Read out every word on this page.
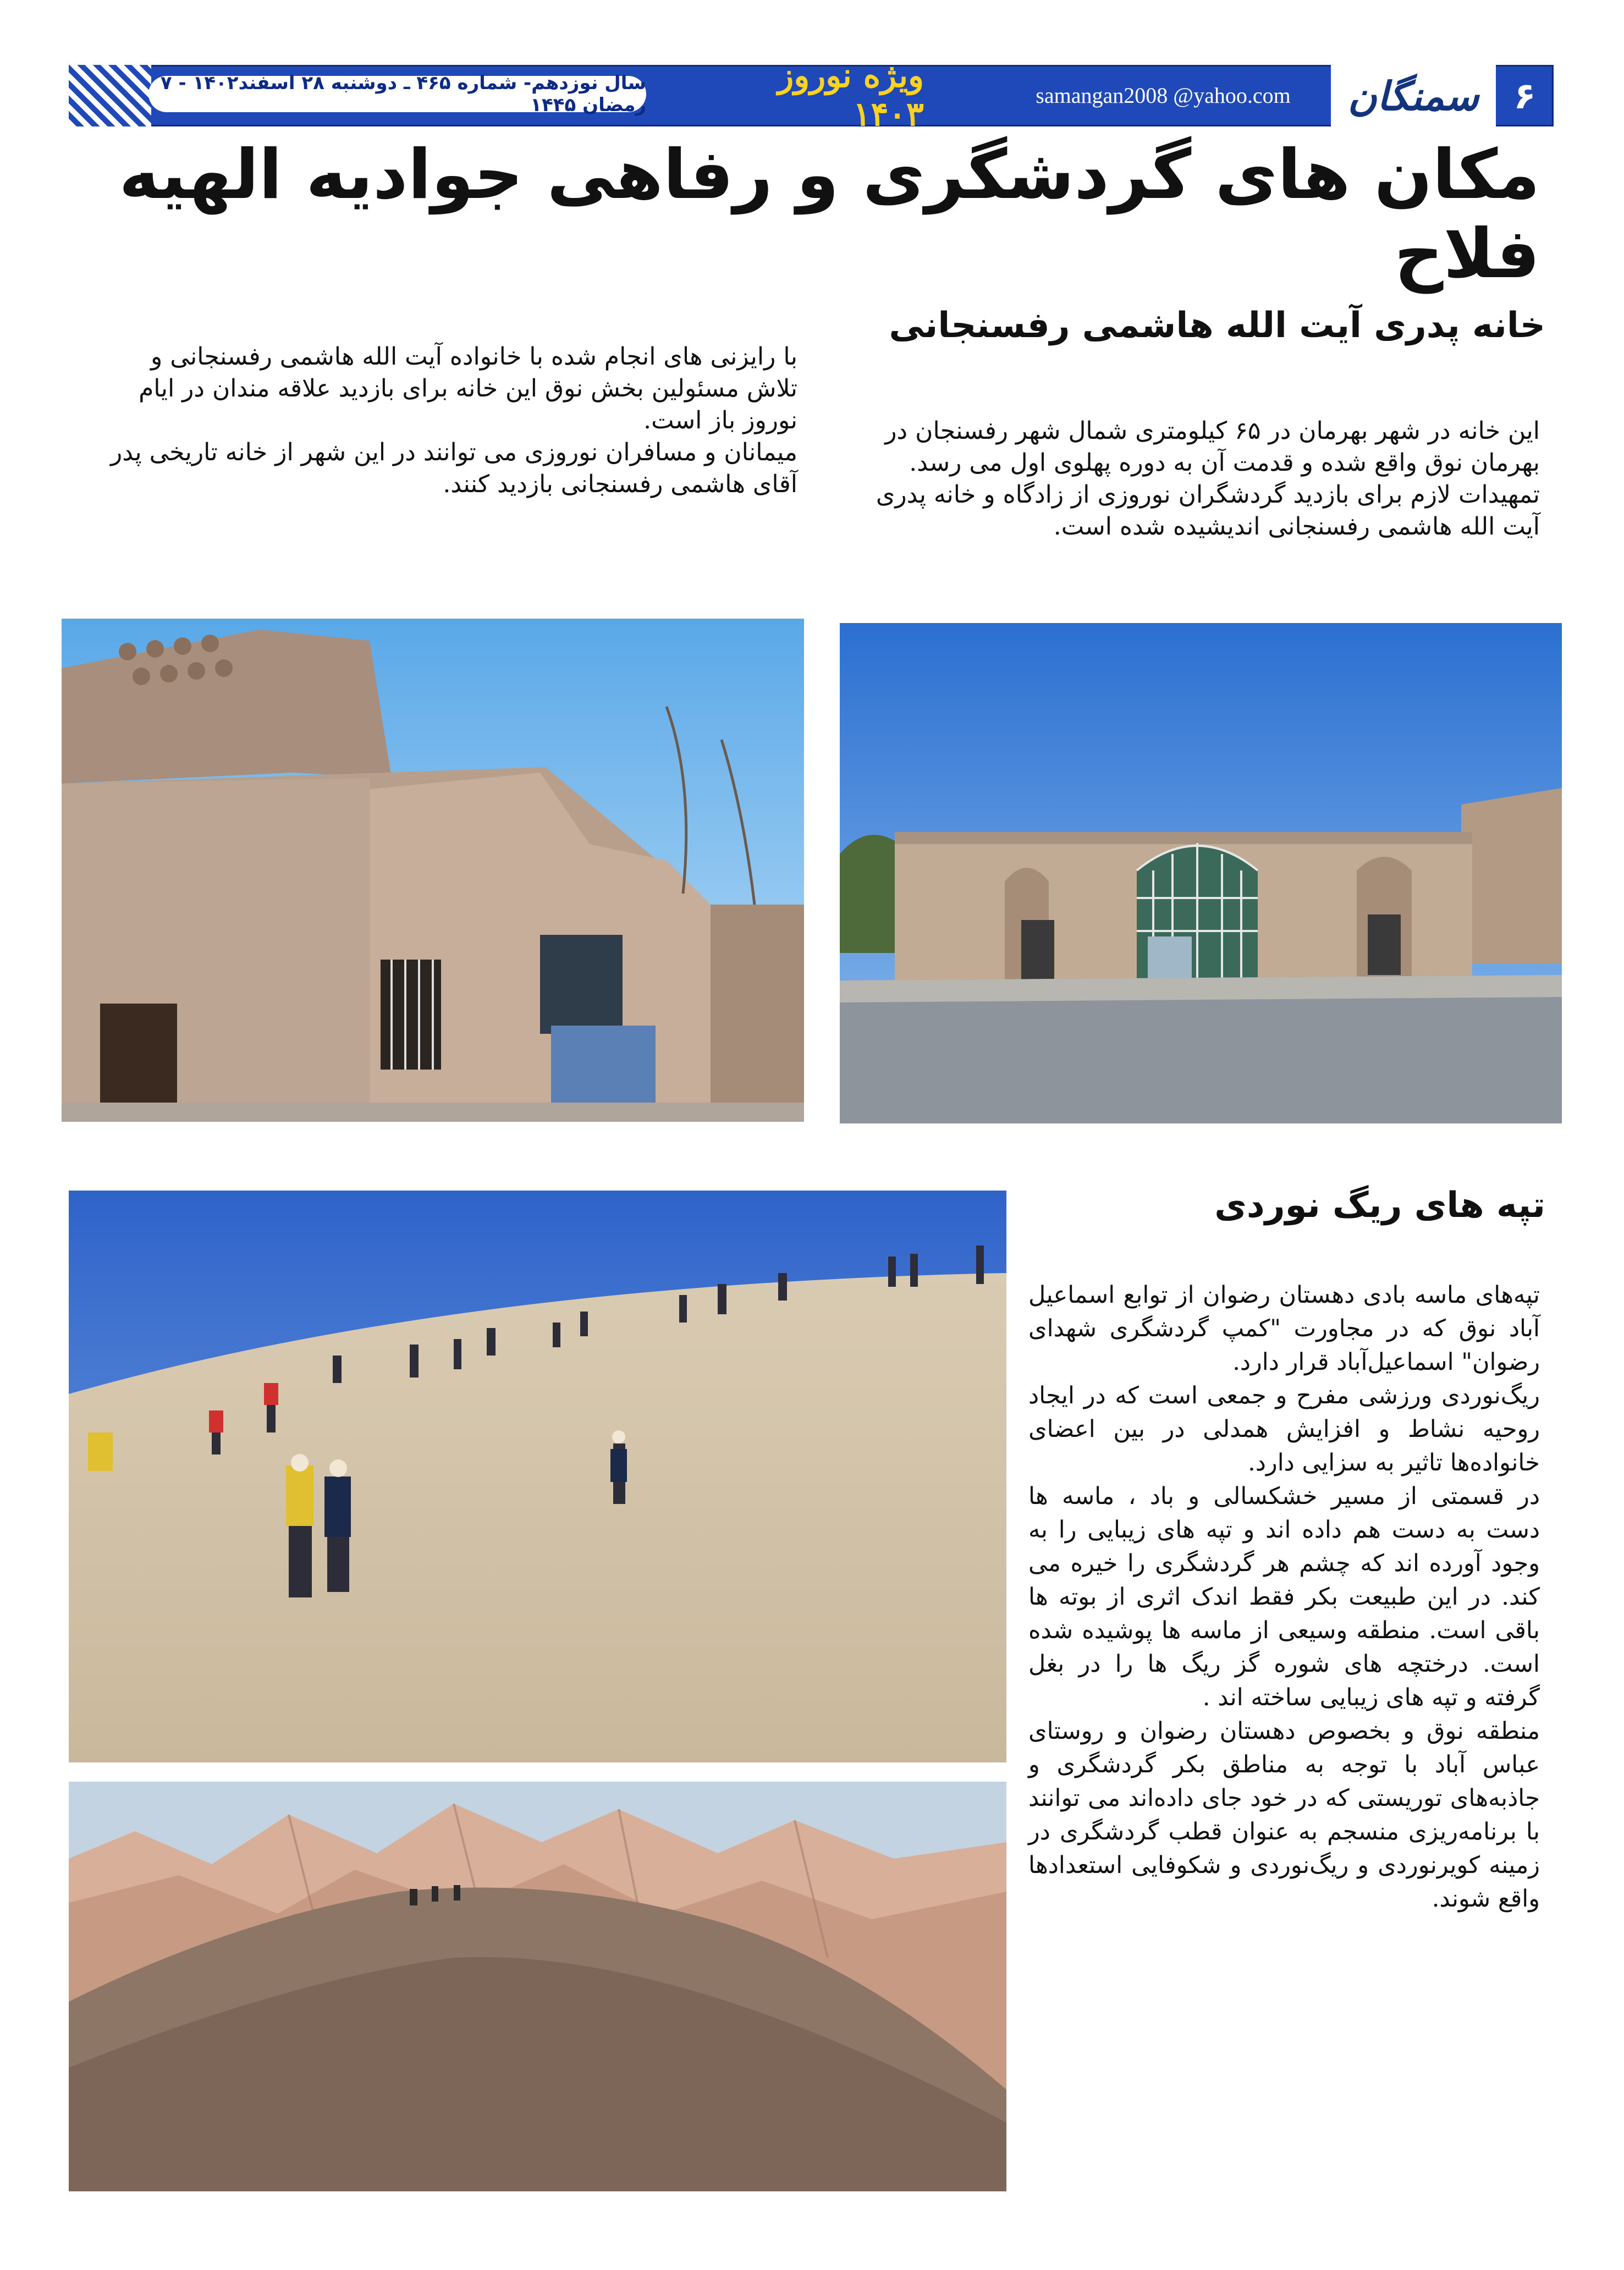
سال نوزدهم- شماره ۴۶۵ ـ دوشنبه ۲۸ اسفند۱۴۰۲ - ۷ رمضان ۱۴۴۵
ویژه نوروز ۱۴۰۳	samangan2008 @yahoo.com	سمنگان ۶
مکان های گردشگری و رفاهی جوادیه الهیه فلاح
خانه پدری آیت الله هاشمی رفسنجانی
این خانه در شهر بهرمان در ۶۵ کیلومتری شمال شهر رفسنجان در بهرمان نوق واقع شده و قدمت آن به دوره پهلوی اول می رسد. تمهیدات لازم برای بازدید گردشگران نوروزی از زادگاه و خانه پدری آیت الله هاشمی رفسنجانی اندیشیده شده است.
با رایزنی های انجام شده با خانواده آیت الله هاشمی رفسنجانی و تلاش مسئولین بخش نوق این خانه برای بازدید علاقه مندان در ایام نوروز باز است.
میمانان و مسافران نوروزی می توانند در این شهر از خانه تاریخی پدر آقای هاشمی رفسنجانی بازدید کنند.
تپه های ریگ نوردی
تپه‌های ماسه بادی دهستان رضوان از توابع اسماعیل آباد نوق که در مجاورت "کمپ گردشگری شهدای رضوان" اسماعیل‌آباد قرار دارد.
ریگ‌نوردی ورزشی مفرح و جمعی است که در ایجاد روحیه نشاط و افزایش همدلی در بین اعضای خانواده‌ها تاثیر به سزایی دارد.
در قسمتی از مسیر خشکسالی و باد ، ماسه ها دست به دست هم داده اند و تپه های زیبایی را به وجود آورده اند که چشم هر گردشگری را خیره می کند. در این طبیعت بکر فقط اندک اثری از بوته ها باقی است. منطقه وسیعی از ماسه ها پوشیده شده است. درختچه های شوره گز ریگ ها را در بغل گرفته و تپه های زیبایی ساخته اند .
منطقه نوق و بخصوص دهستان رضوان و روستای عباس آباد با توجه به مناطق بکر گردشگری و جاذبه‌های توریستی که در خود جای داده‌اند می توانند با برنامه‌ریزی منسجم به عنوان قطب گردشگری در زمینه کویرنوردی و ریگ‌نوردی و شکوفایی استعدادها واقع شوند.
